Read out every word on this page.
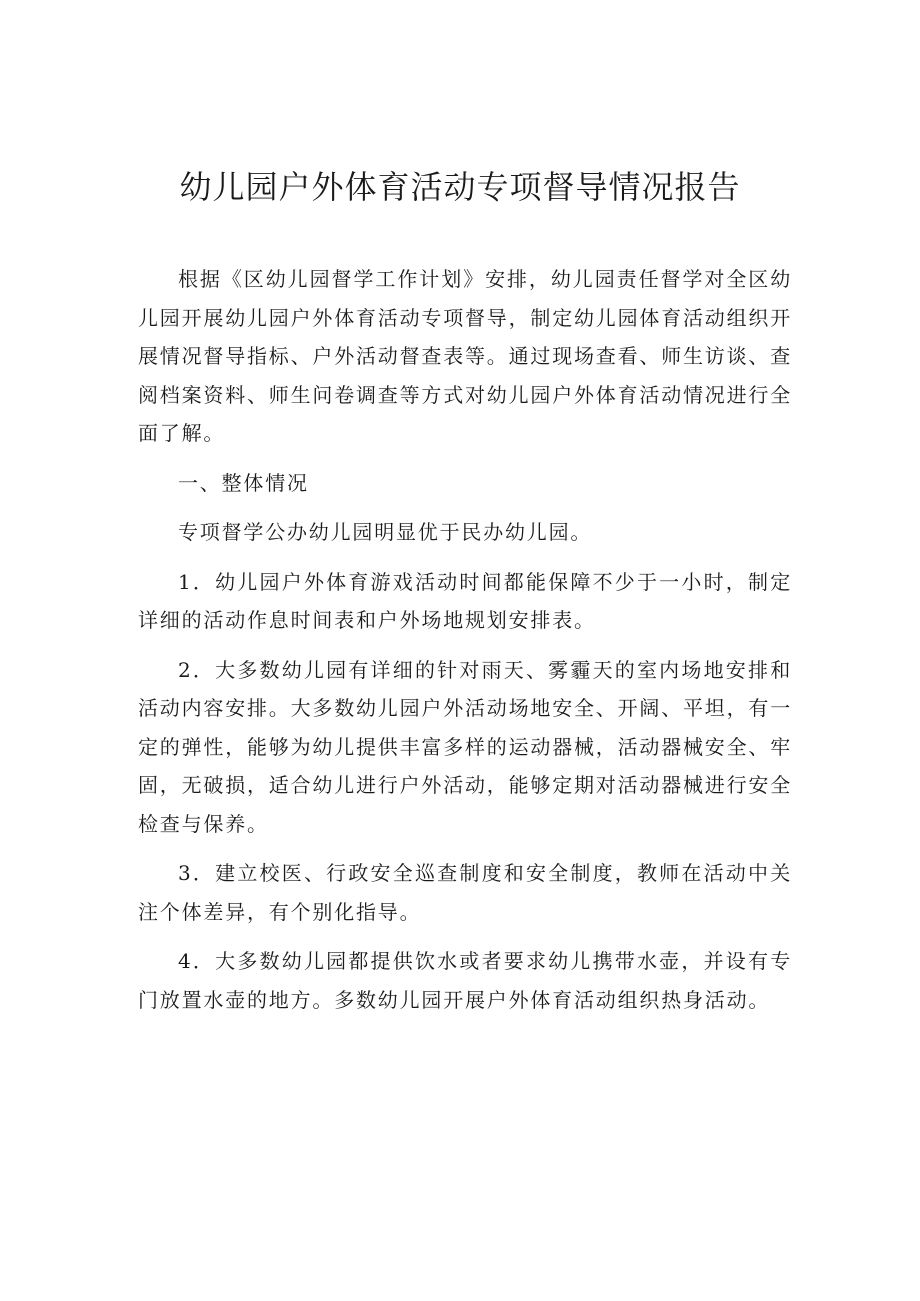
幼儿园户外体育活动专项督导情况报告

根据《区幼儿园督学工作计划》安排，幼儿园责任督学对全区幼儿园开展幼儿园户外体育活动专项督导，制定幼儿园体育活动组织开展情况督导指标、户外活动督查表等。通过现场查看、师生访谈、查阅档案资料、师生问卷调查等方式对幼儿园户外体育活动情况进行全面了解。

一、整体情况

专项督学公办幼儿园明显优于民办幼儿园。

1．幼儿园户外体育游戏活动时间都能保障不少于一小时，制定详细的活动作息时间表和户外场地规划安排表。

2．大多数幼儿园有详细的针对雨天、雾霾天的室内场地安排和活动内容安排。大多数幼儿园户外活动场地安全、开阔、平坦，有一定的弹性，能够为幼儿提供丰富多样的运动器械，活动器械安全、牢固，无破损，适合幼儿进行户外活动，能够定期对活动器械进行安全检查与保养。

3．建立校医、行政安全巡查制度和安全制度，教师在活动中关注个体差异，有个别化指导。

4．大多数幼儿园都提供饮水或者要求幼儿携带水壶，并设有专门放置水壶的地方。多数幼儿园开展户外体育活动组织热身活动。
